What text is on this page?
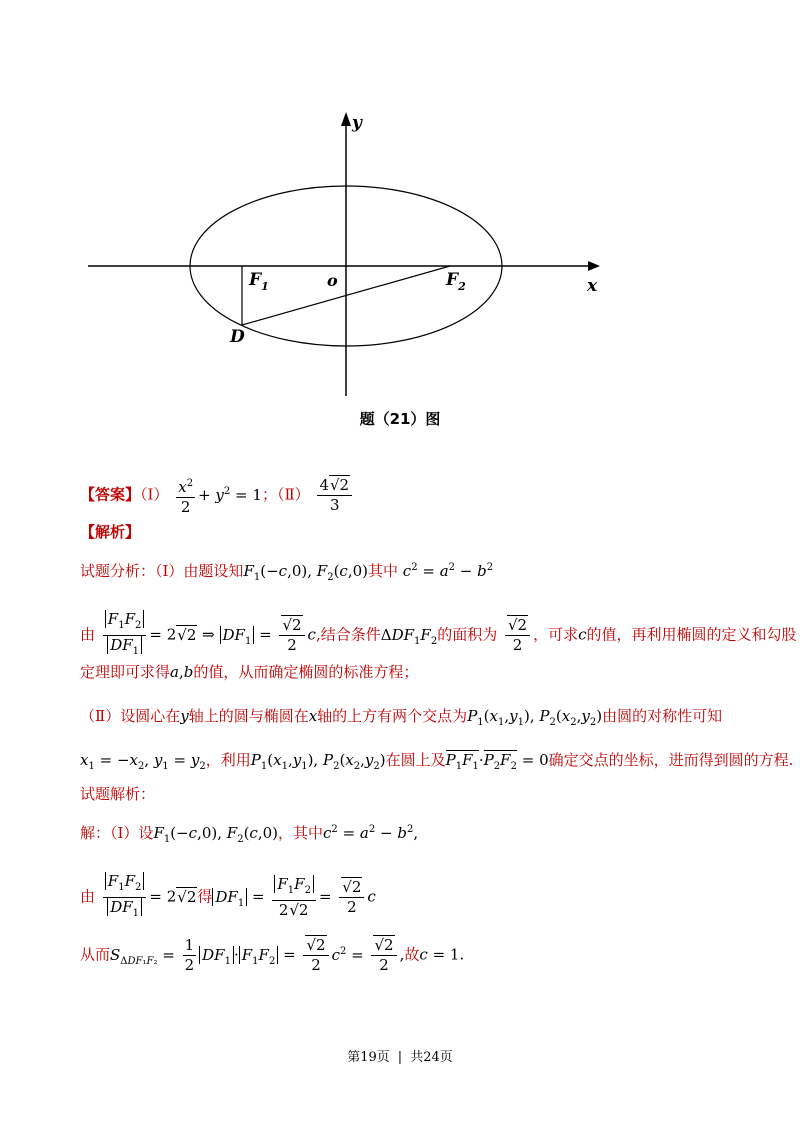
y
x
o
$F_1$	$F_2$
D
题（21）图
【答案】（Ⅰ） $\frac{x^2}{2} + y^2 = 1$；（Ⅱ） $\frac{4√2}{3}$
【解析】
试题分析：（Ⅰ）由题设知$F_1(-c,0)$, $F_2(c,0)$其中 $c^2 = a^2 - b^2$
由 $\frac{F_1F_2}{DF_1} = 2√2$ ⇒ $DF_1 = \frac{√2}{2} c$,结合条件$\Delta DF_1F_2$的面积为 $\frac{√2}{2}$ ，可求c的值，再利用椭圆的定义和勾股
定理即可求得a,b的值，从而确定椭圆的标准方程；
（Ⅱ）设圆心在y轴上的圆与椭圆在x轴的上方有两个交点为$P_1(x_1,y_1)$, $P_2(x_2,y_2)$由圆的对称性可知
$x_1 = -x_2$, $y_1 = y_2$，利用$P_1(x_1,y_1)$, $P_2(x_2,y_2)$在圆上及$P_1F_1\cdot P_2F_2 = 0$确定交点的坐标，进而得到圆的方程.
试题解析：
解：（Ⅰ）设$F_1(-c,0)$, $F_2(c,0)$，其中$c^2 = a^2 - b^2$,
由 $\frac{F_1F_2}{DF_1} = 2√2$得 $DF_1 = \frac{F_1F_2}{2√2} = \frac{√2}{2}$ c
从而$S_{\Delta DF_1F_2} = \frac{1}{2} DF_1 \cdot F_1F_2 = \frac{√2}{2} c^2 = \frac{√2}{2}$ ,故c = 1.
第19页 | 共24页
